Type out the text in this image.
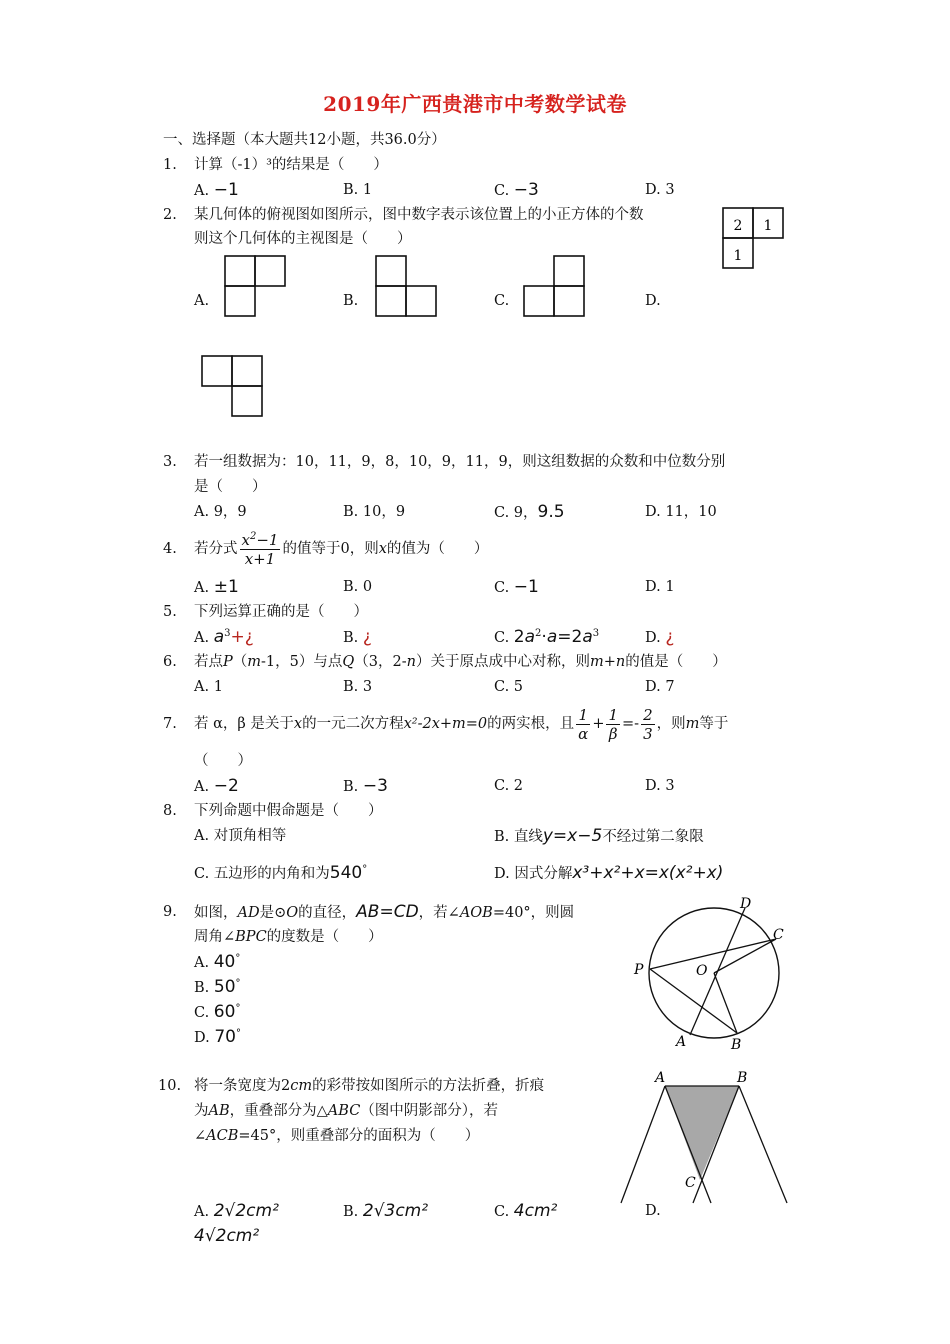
2019年广西贵港市中考数学试卷
一、选择题（本大题共12小题，共36.0分）
1. 计算（-1）³的结果是（　　）
A. −1	B. 1	C. −3	D. 3
2. 某几何体的俯视图如图所示，图中数字表示该位置上的小正方体的个数
则这个几何体的主视图是（　　）
2 1
1
A.	B.	C.	D.
3. 若一组数据为：10，11，9，8，10，9，11，9，则这组数据的众数和中位数分别
是（　　）
A. 9，9	B. 10，9	C. 9，9.5	D. 11，10
4. 若分式 $\frac{x^2-1}{x+1}$ 的值等于0，则x的值为（　　）
A. ±1	B. 0	C. −1	D. 1
5. 下列运算正确的是（　　）
A. $a^3+¿$	B. ¿	C. $2a^2\cdot a=2a^3$	D. ¿
6. 若点P（m-1，5）与点Q（3，2-n）关于原点成中心对称，则m+n的值是（　　）
A. 1	B. 3	C. 5	D. 7
7. 若 α，β 是关于x的一元二次方程x²-2x+m=0的两实根，且 $\frac{1}{\alpha} + \frac{1}{\beta} =- \frac{2}{3}$ ，则m等于
（　　）
A. −2	B. −3	C. 2	D. 3
8. 下列命题中假命题是（　　）
A. 对顶角相等	B. 直线y=x−5不经过第二象限
C. 五边形的内角和为540°	D. 因式分解x³+x²+x=x(x²+x)
9. 如图，AD是⊙O的直径，AB=CD，若∠AOB=40°，则圆
周角∠BPC的度数是（　　）
A. 40°
B. 50°
C. 60°
D. 70°
D
C
P	O
A	B
10. 将一条宽度为2cm的彩带按如图所示的方法折叠，折痕
为AB，重叠部分为△ABC（图中阴影部分），若
∠ACB=45°，则重叠部分的面积为（　　）
A. 2√2cm²	B. 2√3cm²	C. 4cm²	D.
4√2cm²
A	B
C
